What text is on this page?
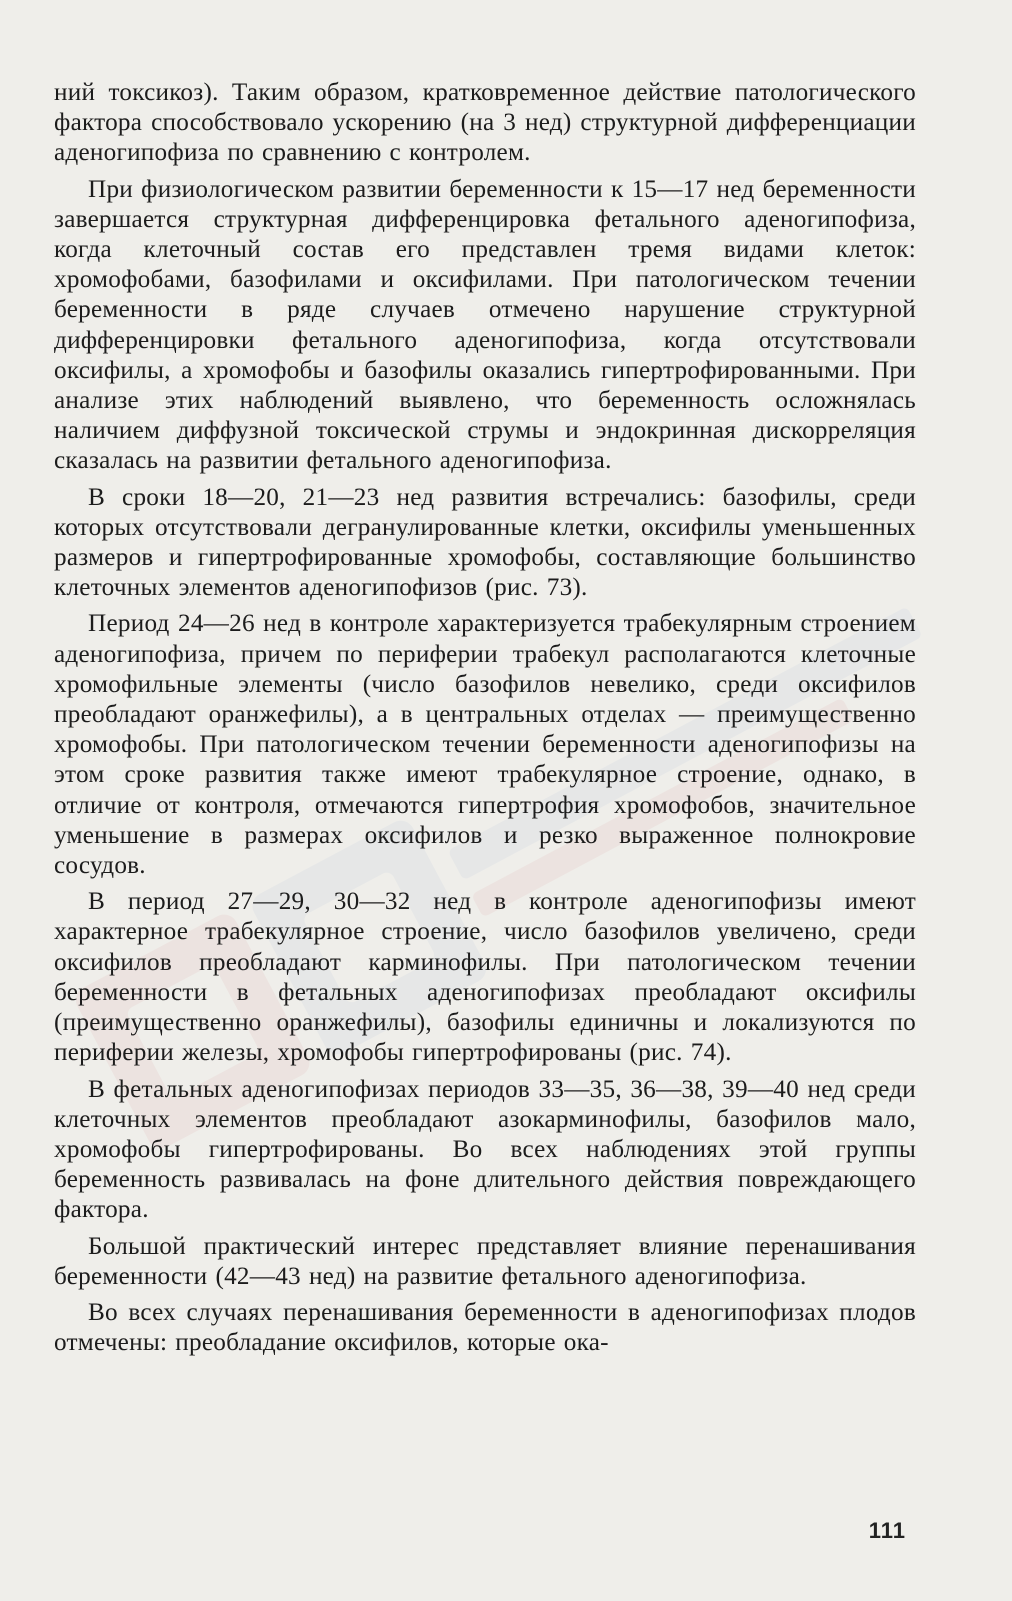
ний токсикоз). Таким образом, кратковременное действие патологического фактора способствовало ускорению (на 3 нед) структурной дифференциации аденогипофиза по сравнению с контролем.

При физиологическом развитии беременности к 15—17 нед беременности завершается структурная дифференцировка фетального аденогипофиза, когда клеточный состав его представлен тремя видами клеток: хромофобами, базофилами и оксифилами. При патологическом течении беременности в ряде случаев отмечено нарушение структурной дифференцировки фетального аденогипофиза, когда отсутствовали оксифилы, а хромофобы и базофилы оказались гипертрофированными. При анализе этих наблюдений выявлено, что беременность осложнялась наличием диффузной токсической струмы и эндокринная дискорреляция сказалась на развитии фетального аденогипофиза.

В сроки 18—20, 21—23 нед развития встречались: базофилы, среди которых отсутствовали дегранулированные клетки, оксифилы уменьшенных размеров и гипертрофированные хромофобы, составляющие большинство клеточных элементов аденогипофизов (рис. 73).

Период 24—26 нед в контроле характеризуется трабекулярным строением аденогипофиза, причем по периферии трабекул располагаются клеточные хромофильные элементы (число базофилов невелико, среди оксифилов преобладают оранжефилы), а в центральных отделах — преимущественно хромофобы. При патологическом течении беременности аденогипофизы на этом сроке развития также имеют трабекулярное строение, однако, в отличие от контроля, отмечаются гипертрофия хромофобов, значительное уменьшение в размерах оксифилов и резко выраженное полнокровие сосудов.

В период 27—29, 30—32 нед в контроле аденогипофизы имеют характерное трабекулярное строение, число базофилов увеличено, среди оксифилов преобладают карминофилы. При патологическом течении беременности в фетальных аденогипофизах преобладают оксифилы (преимущественно оранжефилы), базофилы единичны и локализуются по периферии железы, хромофобы гипертрофированы (рис. 74).

В фетальных аденогипофизах периодов 33—35, 36—38, 39—40 нед среди клеточных элементов преобладают азокарминофилы, базофилов мало, хромофобы гипертрофированы. Во всех наблюдениях этой группы беременность развивалась на фоне длительного действия повреждающего фактора.

Большой практический интерес представляет влияние перенашивания беременности (42—43 нед) на развитие фетального аденогипофиза.

Во всех случаях перенашивания беременности в аденогипофизах плодов отмечены: преобладание оксифилов, которые ока-

111
